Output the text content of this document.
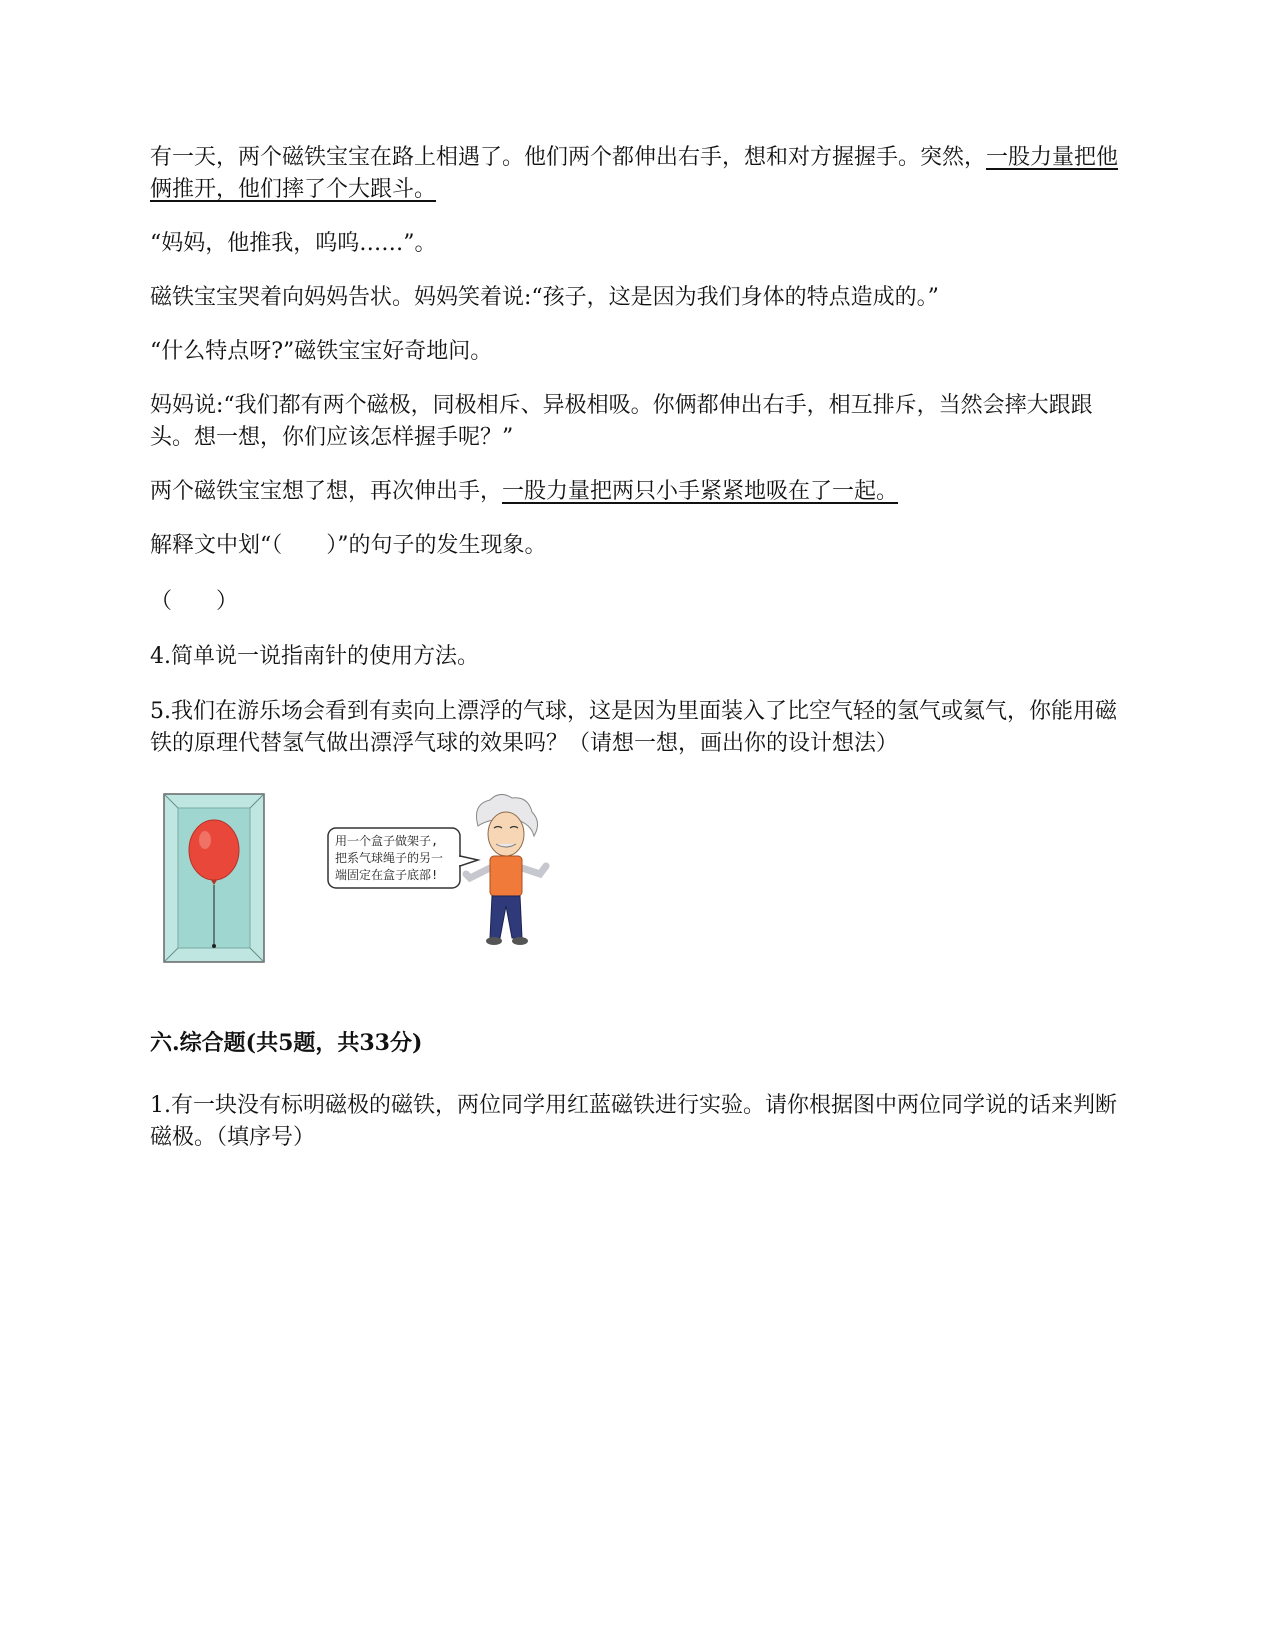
有一天，两个磁铁宝宝在路上相遇了。他们两个都伸出右手，想和对方握握手。突然，一股力量把他俩推开，他们摔了个大跟斗。

“妈妈，他推我，呜呜……”。

磁铁宝宝哭着向妈妈告状。妈妈笑着说:“孩子，这是因为我们身体的特点造成的。”

“什么特点呀?”磁铁宝宝好奇地问。

妈妈说:“我们都有两个磁极，同极相斥、异极相吸。你俩都伸出右手，相互排斥，当然会摔大跟跟头。想一想，你们应该怎样握手呢？”

两个磁铁宝宝想了想，再次伸出手，一股力量把两只小手紧紧地吸在了一起。

解释文中划“（　　）”的句子的发生现象。

（　　）

4.简单说一说指南针的使用方法。

5.我们在游乐场会看到有卖向上漂浮的气球，这是因为里面装入了比空气轻的氢气或氦气，你能用磁铁的原理代替氢气做出漂浮气球的效果吗？（请想一想，画出你的设计想法）

用一个盒子做架子,
把系气球绳子的另一
端固定在盒子底部!

六.综合题(共5题，共33分)

1.有一块没有标明磁极的磁铁，两位同学用红蓝磁铁进行实验。请你根据图中两位同学说的话来判断磁极。（填序号）
